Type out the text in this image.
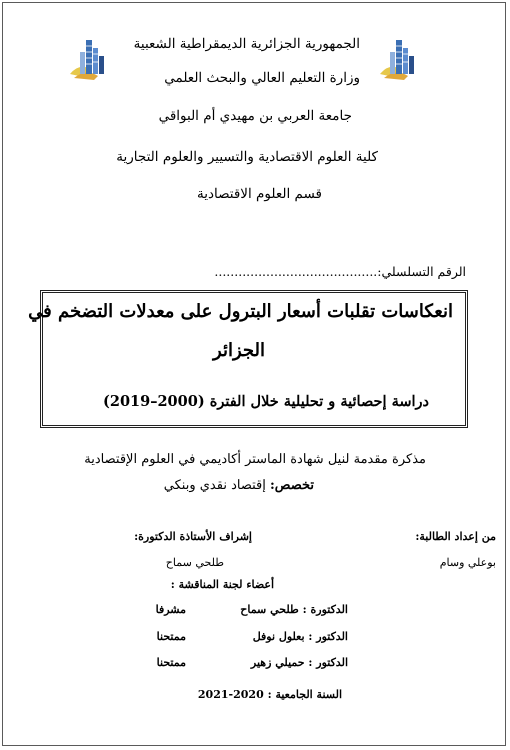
الجمهورية الجزائرية الديمقراطية الشعبية
وزارة التعليم العالي والبحث العلمي
جامعة العربي بن مهيدي أم البواقي
كلية العلوم الاقتصادية والتسيير والعلوم التجارية
قسم العلوم الاقتصادية
الرقم التسلسلي:.........................................
انعكاسات تقلبات أسعار البترول على معدلات التضخم في
الجزائر
دراسة إحصائية و تحليلية خلال الفترة (2000–2019)
مذكرة مقدمة لنيل شهادة الماستر أكاديمي في العلوم الإقتصادية
تخصص: إقتصاد نقدي وبنكي
من إعداد الطالبة:
بوعلي وسام
إشراف الأستاذة الدكتورة:
طلحي سماح
أعضاء لجنة المناقشة :
الدكتورة : طلحي سماح
مشرفا
الدكتور : بعلول نوفل
ممتحنا
الدكتور : حميلي زهير
ممتحنا
السنة الجامعية : 2020-2021
